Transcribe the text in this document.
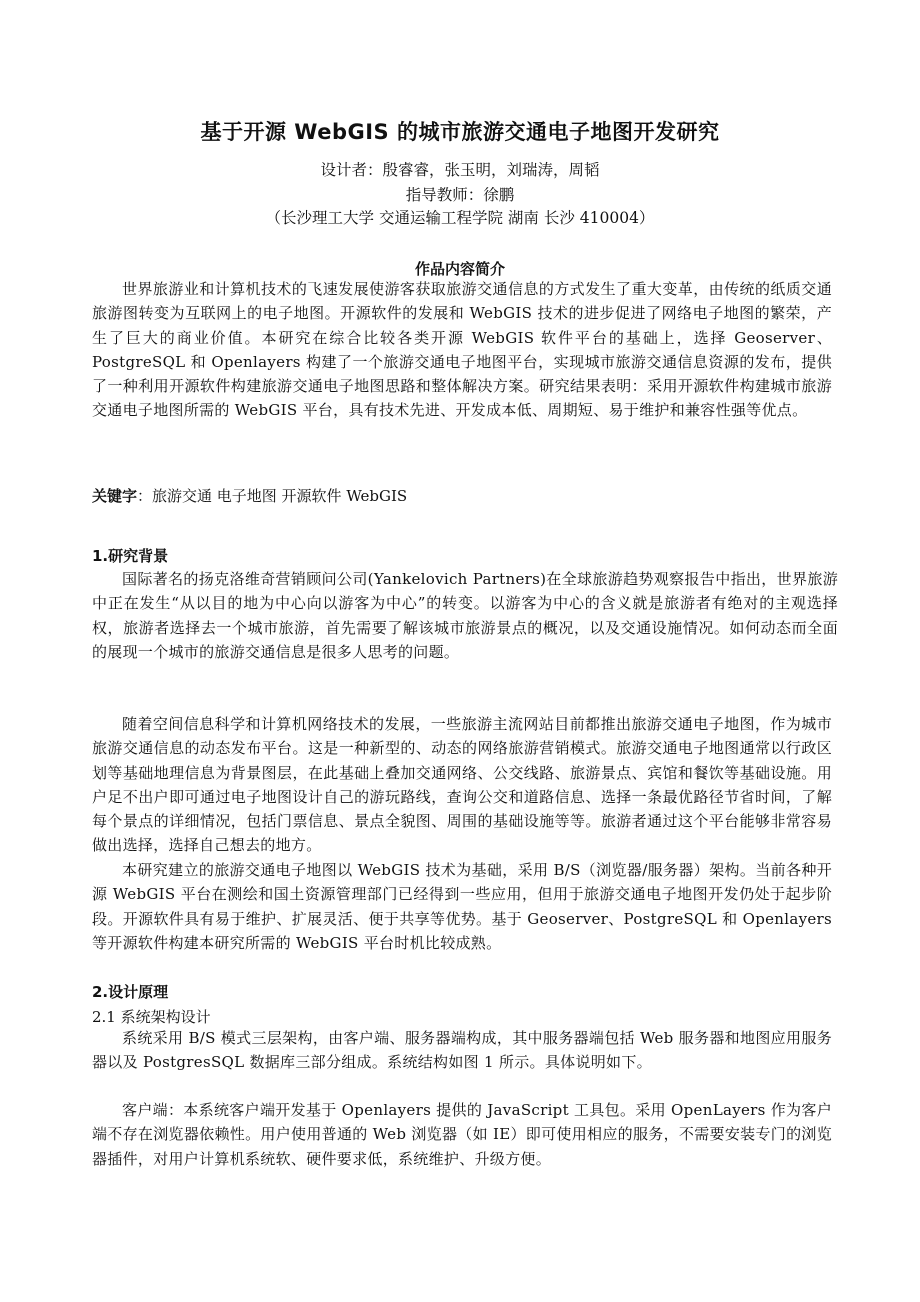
基于开源 WebGIS 的城市旅游交通电子地图开发研究
设计者：殷睿睿，张玉明，刘瑞涛，周韬
指导教师：徐鹏
（长沙理工大学 交通运输工程学院 湖南 长沙 410004）
作品内容简介

世界旅游业和计算机技术的飞速发展使游客获取旅游交通信息的方式发生了重大变革，由传统的纸质交通旅游图转变为互联网上的电子地图。开源软件的发展和 WebGIS 技术的进步促进了网络电子地图的繁荣，产生了巨大的商业价值。本研究在综合比较各类开源 WebGIS 软件平台的基础上，选择 Geoserver、PostgreSQL 和 Openlayers 构建了一个旅游交通电子地图平台，实现城市旅游交通信息资源的发布，提供了一种利用开源软件构建旅游交通电子地图思路和整体解决方案。研究结果表明：采用开源软件构建城市旅游交通电子地图所需的 WebGIS 平台，具有技术先进、开发成本低、周期短、易于维护和兼容性强等优点。

关键字：旅游交通 电子地图 开源软件 WebGIS
1.研究背景

国际著名的扬克洛维奇营销顾问公司(Yankelovich Partners)在全球旅游趋势观察报告中指出，世界旅游中正在发生“从以目的地为中心向以游客为中心”的转变。以游客为中心的含义就是旅游者有绝对的主观选择权，旅游者选择去一个城市旅游，首先需要了解该城市旅游景点的概况，以及交通设施情况。如何动态而全面的展现一个城市的旅游交通信息是很多人思考的问题。

随着空间信息科学和计算机网络技术的发展，一些旅游主流网站目前都推出旅游交通电子地图，作为城市旅游交通信息的动态发布平台。这是一种新型的、动态的网络旅游营销模式。旅游交通电子地图通常以行政区划等基础地理信息为背景图层，在此基础上叠加交通网络、公交线路、旅游景点、宾馆和餐饮等基础设施。用户足不出户即可通过电子地图设计自己的游玩路线，查询公交和道路信息、选择一条最优路径节省时间，了解每个景点的详细情况，包括门票信息、景点全貌图、周围的基础设施等等。旅游者通过这个平台能够非常容易做出选择，选择自己想去的地方。

本研究建立的旅游交通电子地图以 WebGIS 技术为基础，采用 B/S（浏览器/服务器）架构。当前各种开源 WebGIS 平台在测绘和国土资源管理部门已经得到一些应用，但用于旅游交通电子地图开发仍处于起步阶段。开源软件具有易于维护、扩展灵活、便于共享等优势。基于 Geoserver、PostgreSQL 和 Openlayers 等开源软件构建本研究所需的 WebGIS 平台时机比较成熟。

2.设计原理
2.1 系统架构设计

系统采用 B/S 模式三层架构，由客户端、服务器端构成，其中服务器端包括 Web 服务器和地图应用服务器以及 PostgresSQL 数据库三部分组成。系统结构如图 1 所示。具体说明如下。

客户端：本系统客户端开发基于 Openlayers 提供的 JavaScript 工具包。采用 OpenLayers 作为客户端不存在浏览器依赖性。用户使用普通的 Web 浏览器（如 IE）即可使用相应的服务，不需要安装专门的浏览器插件，对用户计算机系统软、硬件要求低，系统维护、升级方便。
